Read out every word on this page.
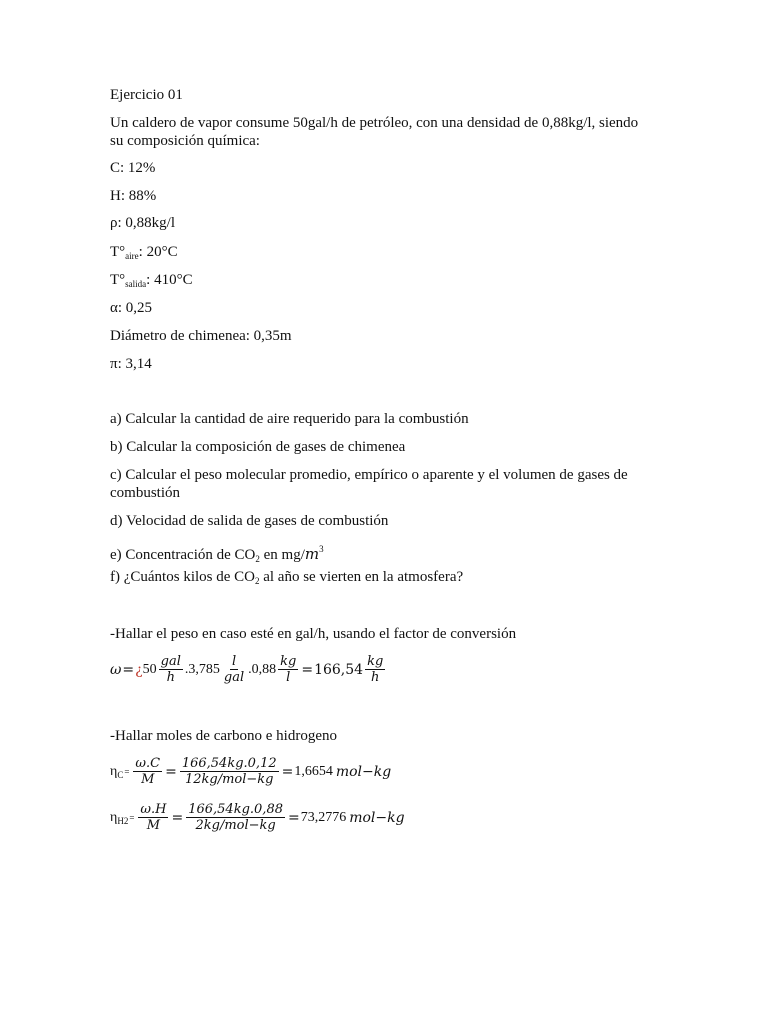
Ejercicio 01
Un caldero de vapor consume 50gal/h de petróleo, con una densidad de 0,88kg/l, siendo
su composición química:
C: 12%
H: 88%
ρ: 0,88kg/l
$T^\circ_{aire}$: 20°C
$T^\circ_{salida}$: 410°C
α: 0,25
Diámetro de chimenea: 0,35m
π: 3,14
a) Calcular la cantidad de aire requerido para la combustión
b) Calcular la composición de gases de chimenea
c) Calcular el peso molecular promedio, empírico o aparente y el volumen de gases de
combustión
d) Velocidad de salida de gases de combustión
e) Concentración de $CO_2$ en $mg/m^3$
f) ¿Cuántos kilos de $CO_2$ al año se vierten en la atmosfera?
-Hallar el peso en caso esté en gal/h, usando el factor de conversión
ω = ¿ $50 \frac{\text{gal}}{h} .3,785 \frac{l}{\text{gal}} .0,88 \frac{kg}{l} = 166,54 \frac{kg}{h}$
-Hallar moles de carbono e hidrogeno
$\eta_C= \frac{\omega.C}{M} = \frac{166,54kg.0,12}{\text{12kg/mol−kg}} = 1,6654$ mol−kg
$\eta_{H2}= \frac{\omega.H}{M} = \frac{166,54kg.0,88}{\text{2kg/mol−kg}} = 73,2776$ mol−kg
